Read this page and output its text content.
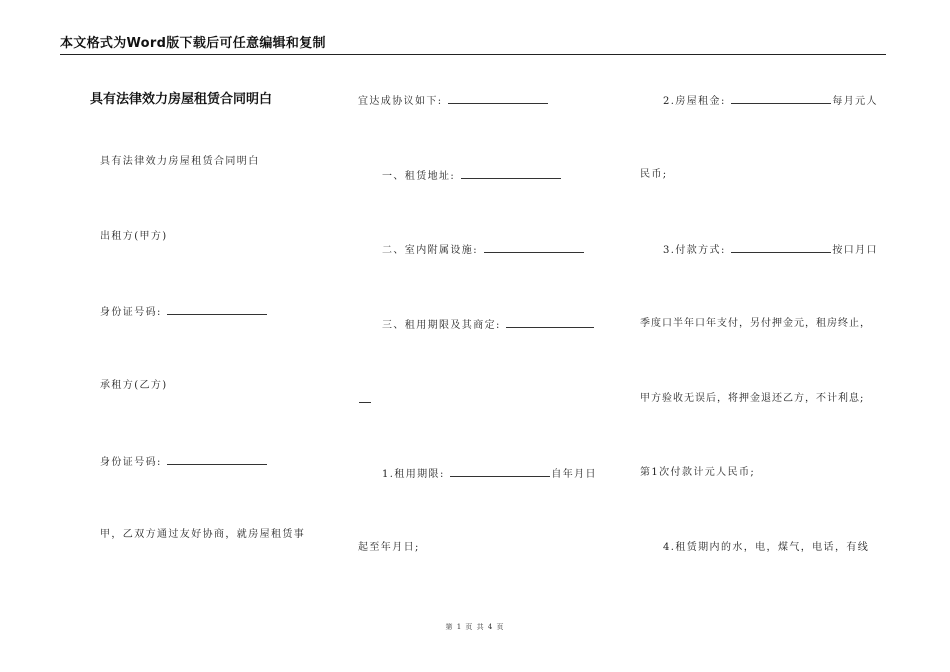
本文格式为Word版下载后可任意编辑和复制
具有法律效力房屋租赁合同明白
具有法律效力房屋租赁合同明白
出租方(甲方)
身份证号码:
承租方(乙方)
身份证号码:
甲，乙双方通过友好协商，就房屋租赁事
宜达成协议如下:
一、租赁地址:
二、室内附属设施:
三、租用期限及其商定:
1.租用期限:	自年月日
起至年月日;
2.房屋租金:	每月元人
民币;
3.付款方式:	按口月口
季度口半年口年支付，另付押金元，租房终止，
甲方验收无误后，将押金退还乙方，不计利息;
第1次付款计元人民币;
4.租赁期内的水，电，煤气，电话，有线
第 1 页 共 4 页
